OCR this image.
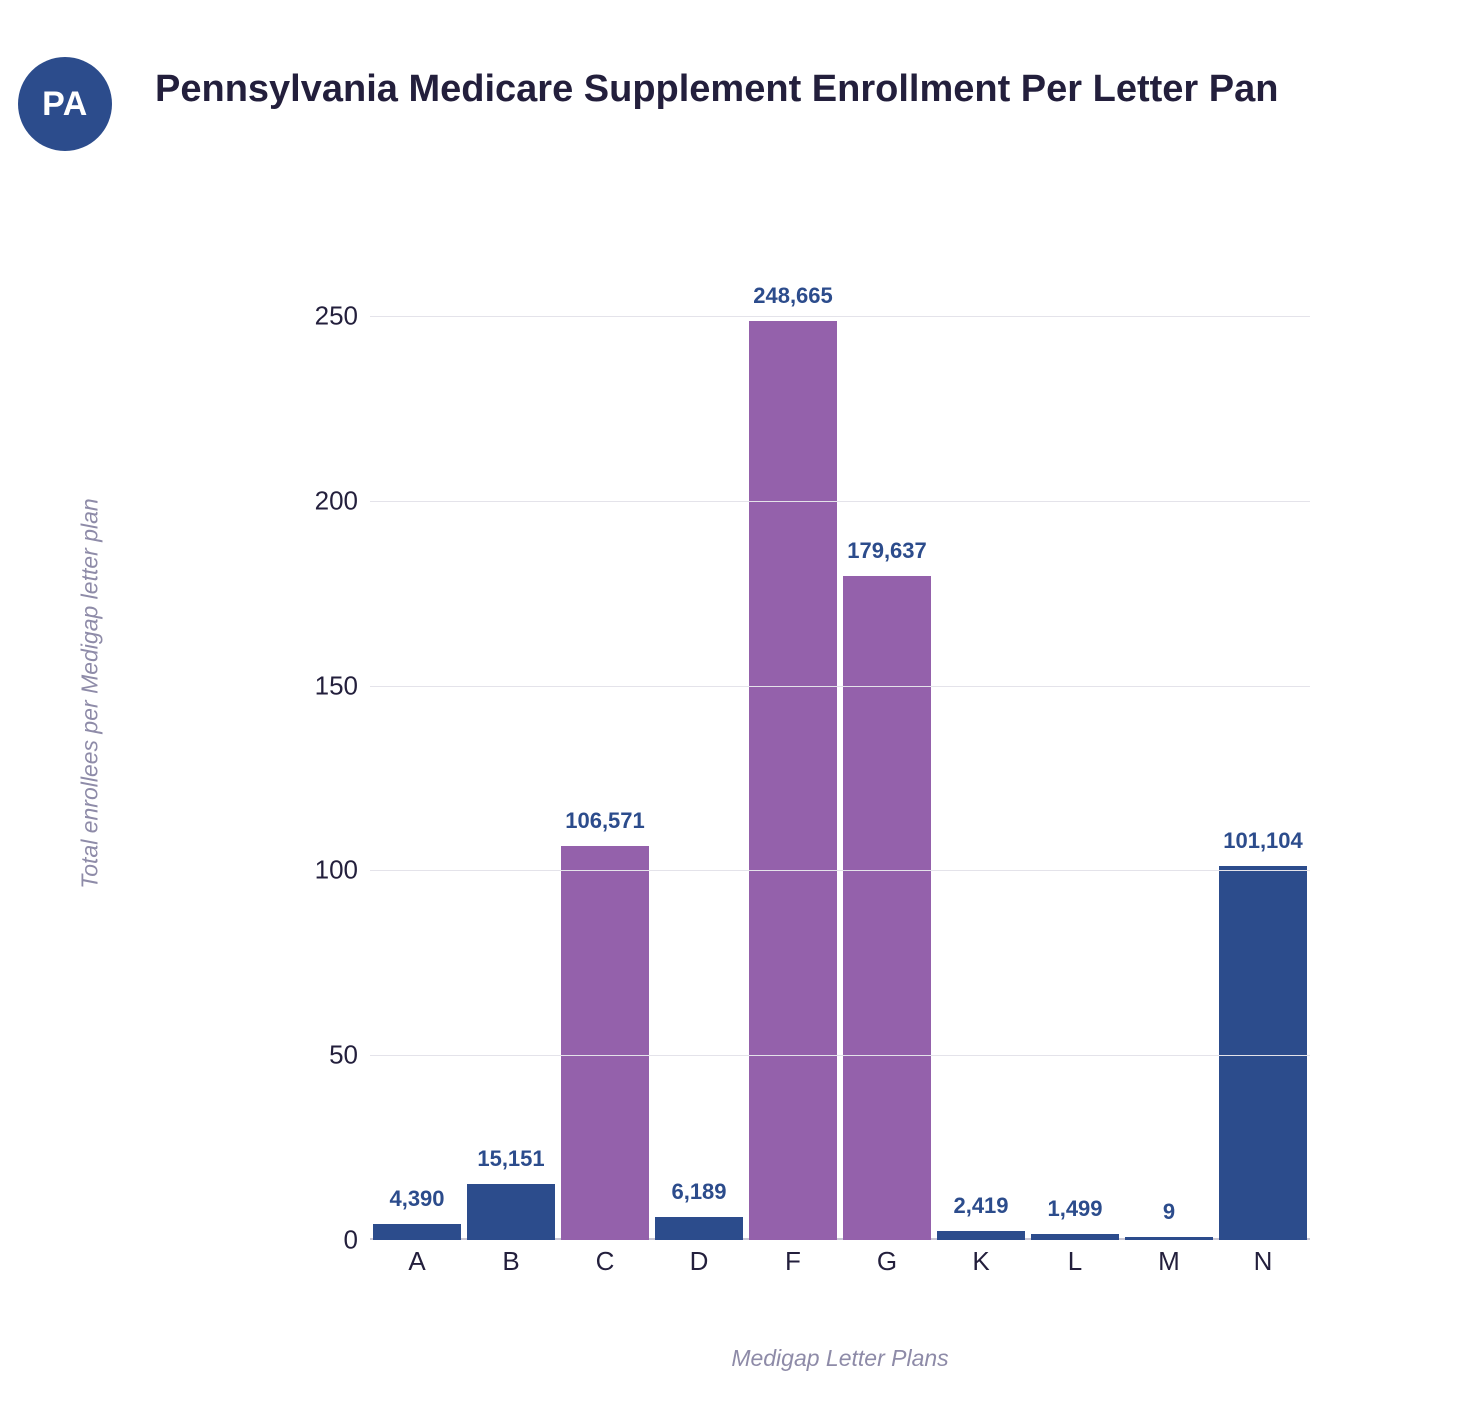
PA	Pennsylvania Medicare Supplement Enrollment Per Letter Pan
Total enrollees per Medigap letter plan
4,390
15,151
106,571
6,189
248,665
179,637
2,419 1,499	9
101,104
0
50
100
150
200
250
A	B	C	D	F	G	K	L	M	N
Medigap Letter Plans
